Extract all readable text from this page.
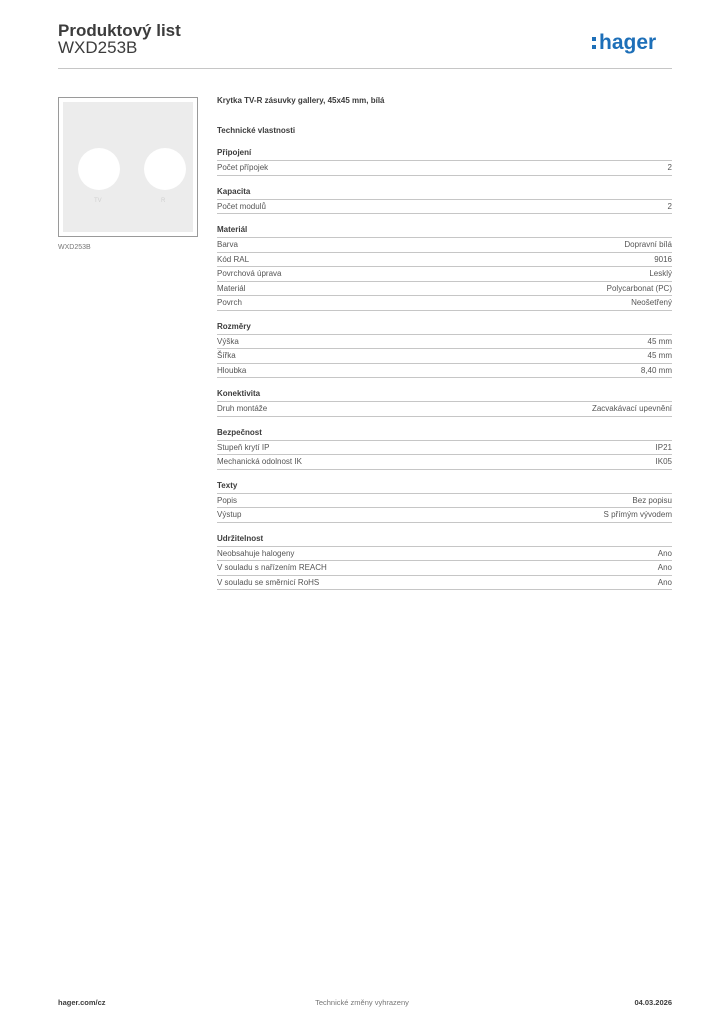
Produktový list
WXD253B	hager
TV	R
WXD253B
Krytka TV-R zásuvky gallery, 45x45 mm, bílá
Technické vlastnosti
Připojení
Počet přípojek	2
Kapacita
Počet modulů	2
Materiál
Barva	Dopravní bílá
Kód RAL	9016
Povrchová úprava	Lesklý
Materiál	Polycarbonat (PC)
Povrch	Neošetřený
Rozměry
Výška	45 mm
Šířka	45 mm
Hloubka	8,40 mm
Konektivita
Druh montáže	Zacvakávací upevnění
Bezpečnost
Stupeň krytí IP	IP21
Mechanická odolnost IK	IK05
Texty
Popis	Bez popisu
Výstup	S přímým vývodem
Udržitelnost
Neobsahuje halogeny	Ano
V souladu s nařízením REACH	Ano
V souladu se směrnicí RoHS	Ano
hager.com/cz	Technické změny vyhrazeny	04.03.2026
